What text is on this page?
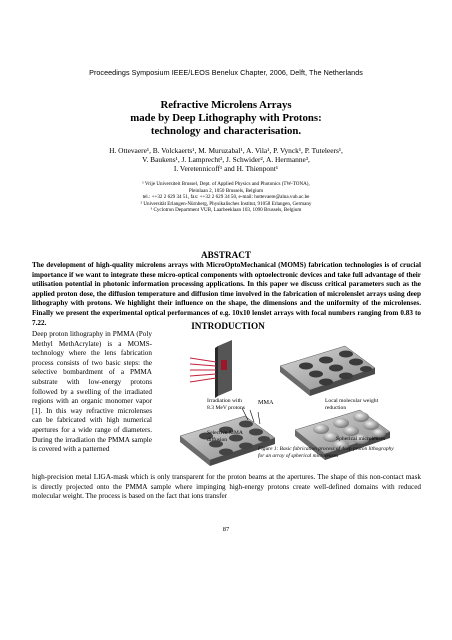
Proceedings Symposium IEEE/LEOS Benelux Chapter, 2006, Delft, The Netherlands
Refractive Microlens Arrays
made by Deep Lithography with Protons:
technology and characterisation.
H. Ottevaere¹, B. Volckaerts¹, M. Muruzabal¹, A. Vila¹, P. Vynck¹, P. Tuteleers¹,
V. Baukens¹, J. Lamprecht², J. Schwider², A. Hermanne³,
I. Veretennicoff¹ and H. Thienpont¹
¹ Vrije Universiteit Brussel, Dept. of Applied Physics and Photonics (TW-TONA),
Pleinlaan 2, 1050 Brussels, Belgium
tel.: ++32 2 629 34 51, fax: ++32 2 629 34 50, e-mail: hottevaere@alna.vub.ac.be
² Universität Erlangen-Nürnberg, Physikalisches Institut, 91058 Erlangen, Germany
³ Cyclotron Department VUB, Laarbeeklaan 103, 1090 Brussels, Belgium
ABSTRACT
The development of high-quality microlens arrays with MicroOptoMechanical (MOMS) fabrication technologies is of crucial importance if we want to integrate these micro-optical components with optoelectronic devices and take full advantage of their utilisation potential in photonic information processing applications. In this paper we discuss critical parameters such as the applied proton dose, the diffusion temperature and diffusion time involved in the fabrication of microlenslet arrays using deep lithography with protons. We highlight their influence on the shape, the dimensions and the uniformity of the microlenses. Finally we present the experimental optical performances of e.g. 10x10 lenslet arrays with focal numbers ranging from 0.83 to 7.22.	INTRODUCTION
Deep proton lithography in PMMA (Poly Methyl MethAcrylate) is a MOMS-technology where the lens fabrication process consists of two basic steps: the selective bombardment of a PMMA substrate with low-energy protons followed by a swelling of the irradiated regions with an organic monomer vapor [1]. In this way refractive microlenses can be fabricated with high numerical apertures for a wide range of diameters. During the irradiation the PMMA sample is covered with a patterned
Irradiation with
8.3 MeV protons
Local molecular weight
reduction
MMA
Selective MMA
diffusion	Spherical microlenses
Figure 1: Basic fabrication process of deep proton lithography
for an array of spherical microlenses
high-precision metal LIGA-mask which is only transparent for the proton beams at the apertures. The shape of this non-contact mask is directly projected onto the PMMA sample where impinging high-energy protons create well-defined domains with reduced molecular weight. The process is based on the fact that ions transfer
87
